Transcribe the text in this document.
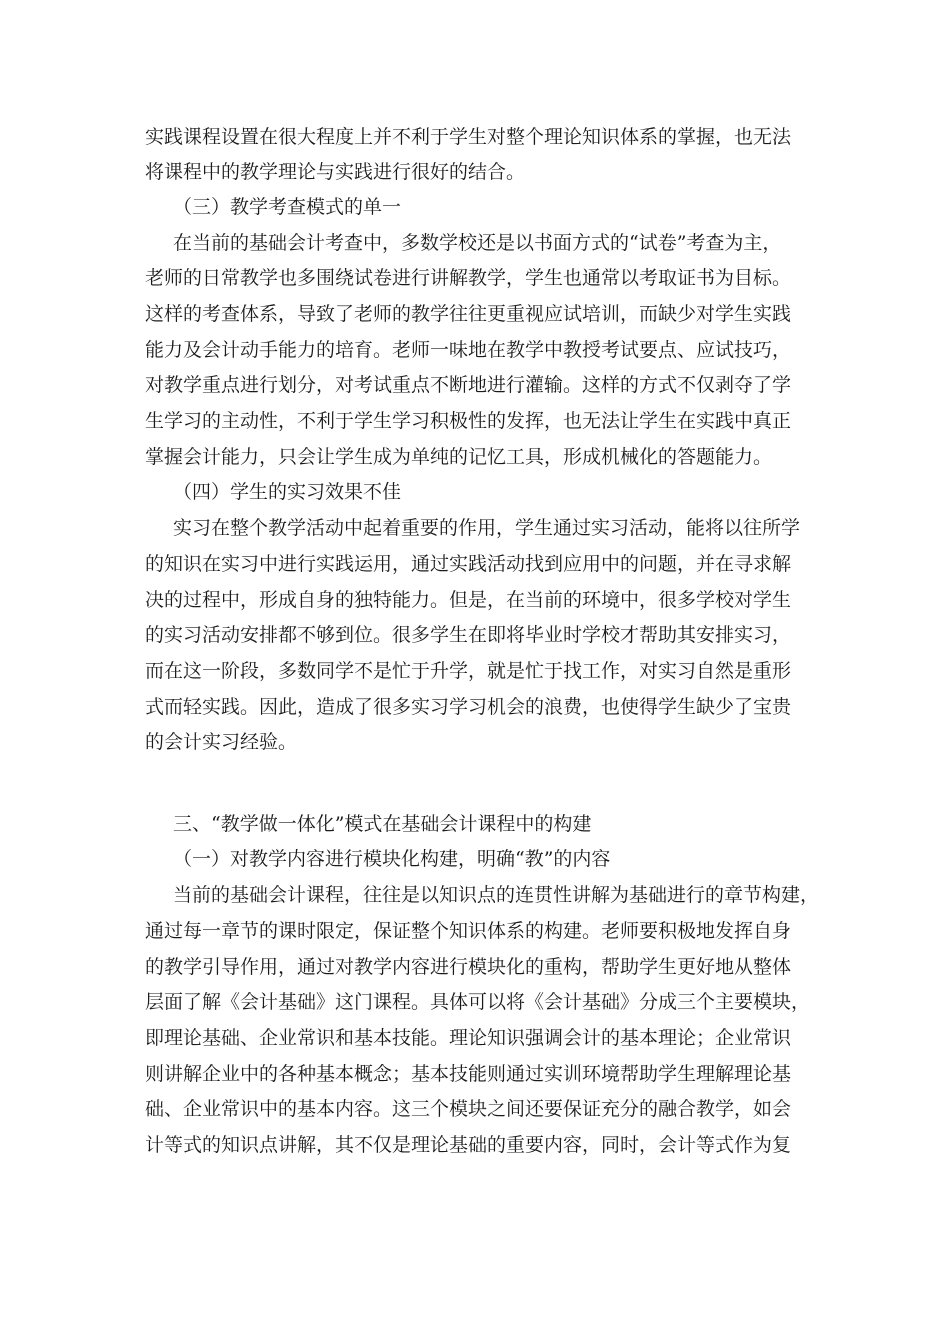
实践课程设置在很大程度上并不利于学生对整个理论知识体系的掌握，也无法
将课程中的教学理论与实践进行很好的结合。
（三）教学考查模式的单一
在当前的基础会计考查中，多数学校还是以书面方式的“试卷”考查为主，
老师的日常教学也多围绕试卷进行讲解教学，学生也通常以考取证书为目标。
这样的考查体系，导致了老师的教学往往更重视应试培训，而缺少对学生实践
能力及会计动手能力的培育。老师一味地在教学中教授考试要点、应试技巧，
对教学重点进行划分，对考试重点不断地进行灌输。这样的方式不仅剥夺了学
生学习的主动性，不利于学生学习积极性的发挥，也无法让学生在实践中真正
掌握会计能力，只会让学生成为单纯的记忆工具，形成机械化的答题能力。
（四）学生的实习效果不佳
实习在整个教学活动中起着重要的作用，学生通过实习活动，能将以往所学
的知识在实习中进行实践运用，通过实践活动找到应用中的问题，并在寻求解
决的过程中，形成自身的独特能力。但是，在当前的环境中，很多学校对学生
的实习活动安排都不够到位。很多学生在即将毕业时学校才帮助其安排实习，
而在这一阶段，多数同学不是忙于升学，就是忙于找工作，对实习自然是重形
式而轻实践。因此，造成了很多实习学习机会的浪费，也使得学生缺少了宝贵
的会计实习经验。
三、“教学做一体化”模式在基础会计课程中的构建
（一）对教学内容进行模块化构建，明确“教”的内容
当前的基础会计课程，往往是以知识点的连贯性讲解为基础进行的章节构建，
通过每一章节的课时限定，保证整个知识体系的构建。老师要积极地发挥自身
的教学引导作用，通过对教学内容进行模块化的重构，帮助学生更好地从整体
层面了解《会计基础》这门课程。具体可以将《会计基础》分成三个主要模块，
即理论基础、企业常识和基本技能。理论知识强调会计的基本理论；企业常识
则讲解企业中的各种基本概念；基本技能则通过实训环境帮助学生理解理论基
础、企业常识中的基本内容。这三个模块之间还要保证充分的融合教学，如会
计等式的知识点讲解，其不仅是理论基础的重要内容，同时，会计等式作为复
